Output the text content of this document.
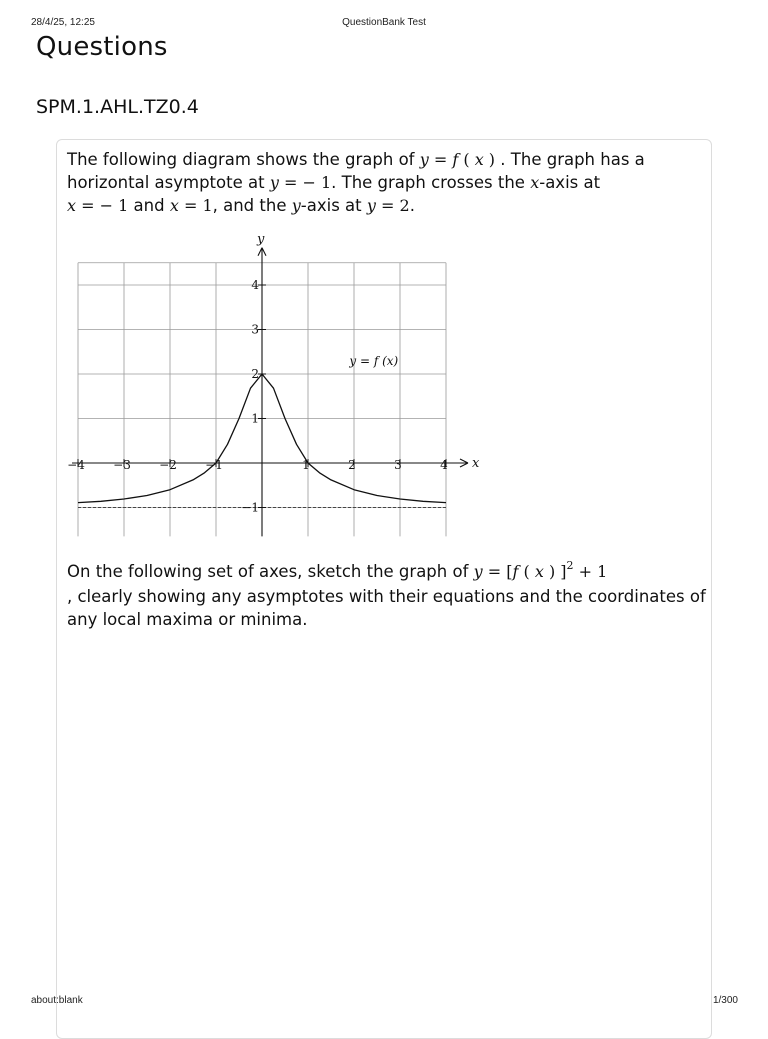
28/4/25, 12:25	QuestionBank Test
Questions
SPM.1.AHL.TZ0.4
The following diagram shows the graph of y = f ( x ) . The graph has a horizontal asymptote at y = − 1. The graph crosses the x-axis at
x = − 1 and x = 1, and the y-axis at y = 2.
x
y
−4 −3 −2 −1	1	2	3	4
−1
1
2
3
4
y = f (x)
On the following set of axes, sketch the graph of y = [f ( x ) ]$^2$ + 1
, clearly showing any asymptotes with their equations and the coordinates of any local maxima or minima.
about:blank	1/300
